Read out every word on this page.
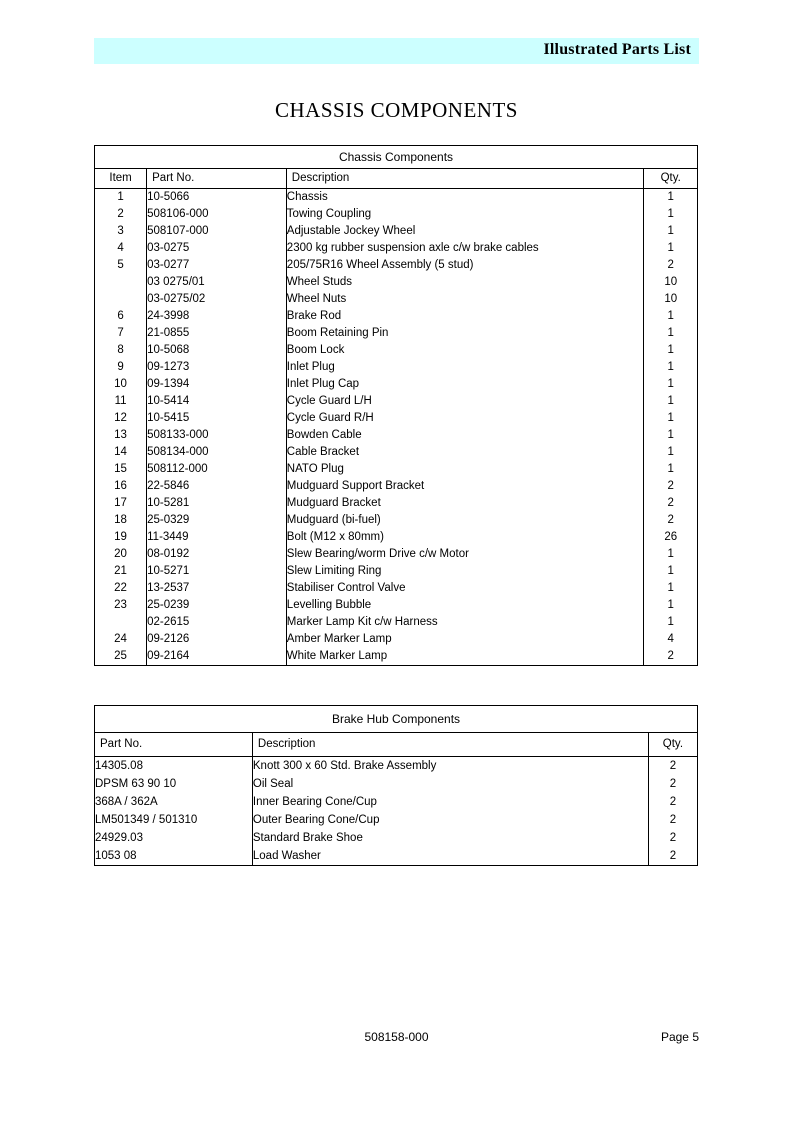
Illustrated Parts List
CHASSIS COMPONENTS
Chassis Components			
Item	Part No.	Description	Qty.
1	10-5066	Chassis	1
2	508106-000	Towing Coupling	1
3	508107-000	Adjustable Jockey Wheel	1
4	03-0275	2300 kg rubber suspension axle c/w brake cables	1
5	03-0277	205/75R16 Wheel Assembly (5 stud)	2
	03 0275/01	Wheel Studs	10
	03-0275/02	Wheel Nuts	10
6	24-3998	Brake Rod	1
7	21-0855	Boom Retaining Pin	1
8	10-5068	Boom Lock	1
9	09-1273	Inlet Plug	1
10	09-1394	Inlet Plug Cap	1
11	10-5414	Cycle Guard L/H	1
12	10-5415	Cycle Guard R/H	1
13	508133-000	Bowden Cable	1
14	508134-000	Cable Bracket	1
15	508112-000	NATO Plug	1
16	22-5846	Mudguard Support Bracket	2
17	10-5281	Mudguard Bracket	2
18	25-0329	Mudguard (bi-fuel)	2
19	11-3449	Bolt (M12 x 80mm)	26
20	08-0192	Slew Bearing/worm Drive c/w Motor	1
21	10-5271	Slew Limiting Ring	1
22	13-2537	Stabiliser Control Valve	1
23	25-0239	Levelling Bubble	1
	02-2615	Marker Lamp Kit c/w Harness	1
24	09-2126	Amber Marker Lamp	4
25	09-2164	White Marker Lamp	2
Brake Hub Components		
Part No.	Description	Qty.
14305.08	Knott 300 x 60 Std. Brake Assembly	2
DPSM 63 90 10	Oil Seal	2
368A / 362A	Inner Bearing Cone/Cup	2
LM501349 / 501310	Outer Bearing Cone/Cup	2
24929.03	Standard Brake Shoe	2
1053 08	Load Washer	2
508158-000	Page 5
